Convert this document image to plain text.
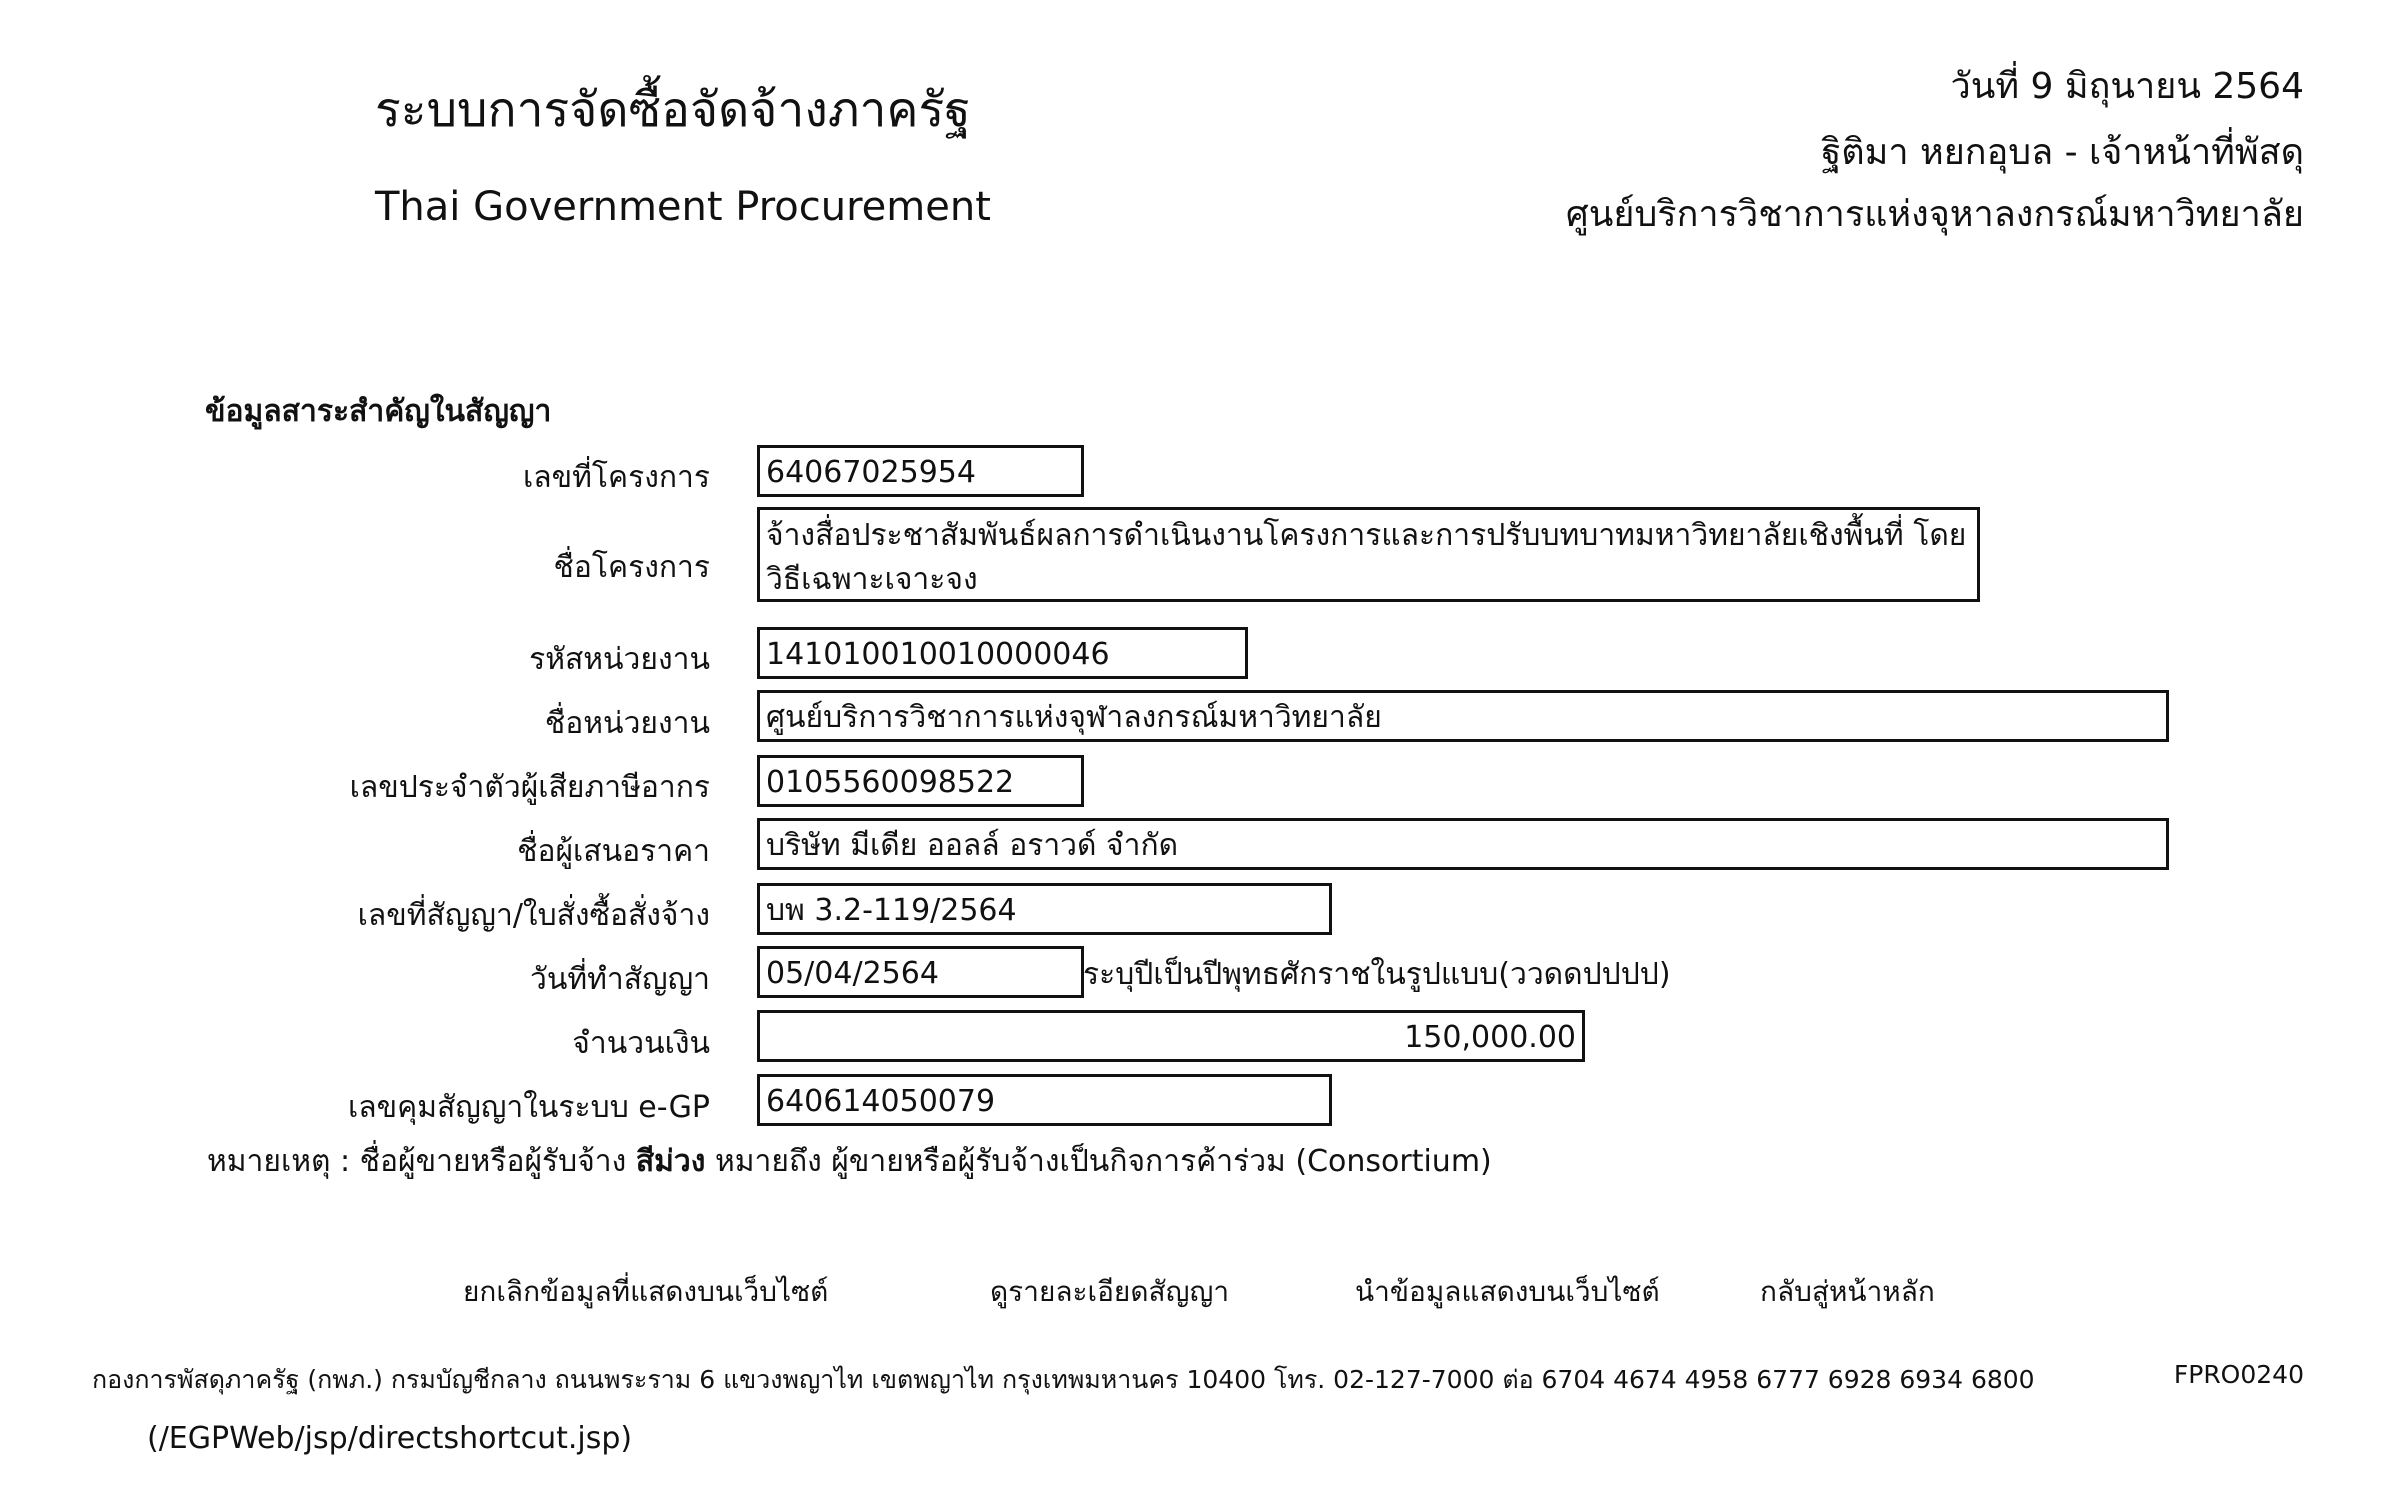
ระบบการจัดซื้อจัดจ้างภาครัฐ
Thai Government Procurement
วันที่ 9 มิถุนายน 2564
ฐิติมา หยกอุบล - เจ้าหน้าที่พัสดุ
ศูนย์บริการวิชาการแห่งจุหาลงกรณ์มหาวิทยาลัย
ข้อมูลสาระสำคัญในสัญญา
เลขที่โครงการ	64067025954
ชื่อโครงการ
จ้างสื่อประชาสัมพันธ์ผลการดำเนินงานโครงการและการปรับบทบาทมหาวิทยาลัยเชิงพื้นที่ โดยวิธีเฉพาะเจาะจง
รหัสหน่วยงาน	141010010010000046
ชื่อหน่วยงาน	ศูนย์บริการวิชาการแห่งจุฬาลงกรณ์มหาวิทยาลัย
เลขประจำตัวผู้เสียภาษีอากร	0105560098522
ชื่อผู้เสนอราคา	บริษัท มีเดีย ออลล์ อราวด์ จำกัด
เลขที่สัญญา/ใบสั่งซื้อสั่งจ้าง	บพ 3.2-119/2564
วันที่ทำสัญญา	05/04/2564	ระบุปีเป็นปีพุทธศักราชในรูปแบบ(ววดดปปปป)
จำนวนเงิน	150,000.00
เลขคุมสัญญาในระบบ e-GP	640614050079
หมายเหตุ : ชื่อผู้ขายหรือผู้รับจ้าง สีม่วง หมายถึง ผู้ขายหรือผู้รับจ้างเป็นกิจการค้าร่วม (Consortium)
ยกเลิกข้อมูลที่แสดงบนเว็บไซต์	ดูรายละเอียดสัญญา	นำข้อมูลแสดงบนเว็บไซต์	กลับสู่หน้าหลัก
กองการพัสดุภาครัฐ (กพภ.) กรมบัญชีกลาง ถนนพระราม 6 แขวงพญาไท เขตพญาไท กรุงเทพมหานคร 10400 โทร. 02-127-7000 ต่อ 6704 4674 4958 6777 6928 6934 6800	FPRO0240
(/EGPWeb/jsp/directshortcut.jsp)
